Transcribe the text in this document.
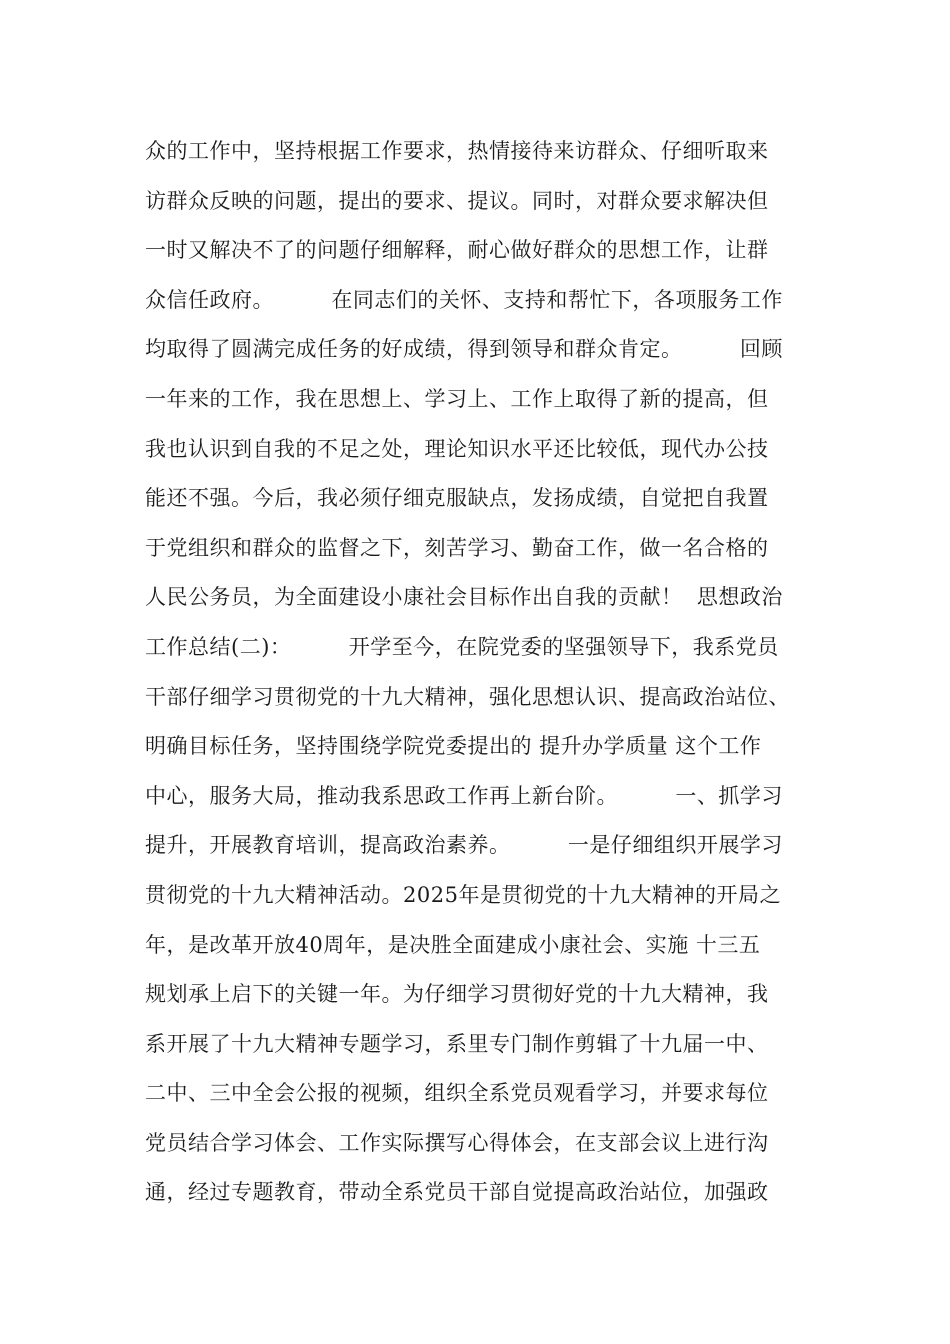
众的工作中，坚持根据工作要求，热情接待来访群众、仔细听取来
访群众反映的问题，提出的要求、提议。同时，对群众要求解决但
一时又解决不了的问题仔细解释，耐心做好群众的思想工作，让群
众信任政府。        在同志们的关怀、支持和帮忙下，各项服务工作
均取得了圆满完成任务的好成绩，得到领导和群众肯定。        回顾
一年来的工作，我在思想上、学习上、工作上取得了新的提高，但
我也认识到自我的不足之处，理论知识水平还比较低，现代办公技
能还不强。今后，我必须仔细克服缺点，发扬成绩，自觉把自我置
于党组织和群众的监督之下，刻苦学习、勤奋工作，做一名合格的
人民公务员，为全面建设小康社会目标作出自我的贡献！  思想政治
工作总结(二)：        开学至今，在院党委的坚强领导下，我系党员
干部仔细学习贯彻党的十九大精神，强化思想认识、提高政治站位、
明确目标任务，坚持围绕学院党委提出的 提升办学质量 这个工作
中心，服务大局，推动我系思政工作再上新台阶。        一、抓学习
提升，开展教育培训，提高政治素养。        一是仔细组织开展学习
贯彻党的十九大精神活动。2025年是贯彻党的十九大精神的开局之
年，是改革开放40周年，是决胜全面建成小康社会、实施 十三五
规划承上启下的关键一年。为仔细学习贯彻好党的十九大精神，我
系开展了十九大精神专题学习，系里专门制作剪辑了十九届一中、
二中、三中全会公报的视频，组织全系党员观看学习，并要求每位
党员结合学习体会、工作实际撰写心得体会，在支部会议上进行沟
通，经过专题教育，带动全系党员干部自觉提高政治站位，加强政
